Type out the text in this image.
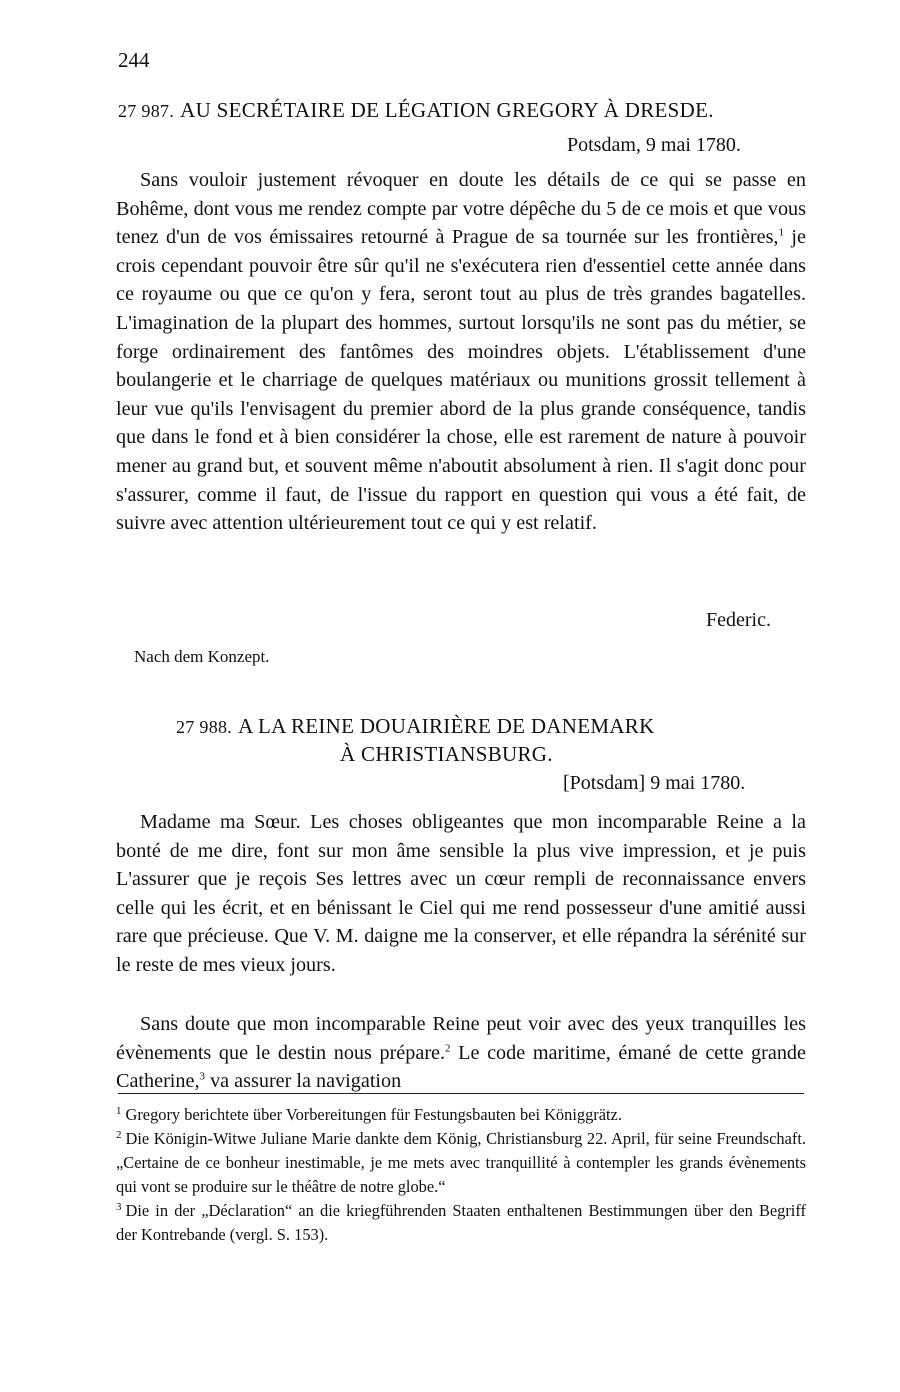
244
27 987. AU SECRÉTAIRE DE LÉGATION GREGORY À DRESDE.
Potsdam, 9 mai 1780.

Sans vouloir justement révoquer en doute les détails de ce qui se passe en Bohême, dont vous me rendez compte par votre dépêche du 5 de ce mois et que vous tenez d'un de vos émissaires retourné à Prague de sa tournée sur les frontières,$^1$ je crois cependant pouvoir être sûr qu'il ne s'exécutera rien d'essentiel cette année dans ce royaume ou que ce qu'on y fera, seront tout au plus de très grandes bagatelles. L'imagination de la plupart des hommes, surtout lorsqu'ils ne sont pas du métier, se forge ordinairement des fantômes des moindres objets. L'établissement d'une boulangerie et le charriage de quelques matériaux ou munitions grossit tellement à leur vue qu'ils l'envisagent du premier abord de la plus grande conséquence, tandis que dans le fond et à bien considérer la chose, elle est rarement de nature à pouvoir mener au grand but, et souvent même n'aboutit absolument à rien. Il s'agit donc pour s'assurer, comme il faut, de l'issue du rapport en question qui vous a été fait, de suivre avec attention ultérieurement tout ce qui y est relatif.

Federic.
Nach dem Konzept.
27 988. A LA REINE DOUAIRIÈRE DE DANEMARK
À CHRISTIANSBURG.
[Potsdam] 9 mai 1780.

Madame ma Sœur. Les choses obligeantes que mon incomparable Reine a la bonté de me dire, font sur mon âme sensible la plus vive impression, et je puis L'assurer que je reçois Ses lettres avec un cœur rempli de reconnaissance envers celle qui les écrit, et en bénissant le Ciel qui me rend possesseur d'une amitié aussi rare que précieuse. Que V. M. daigne me la conserver, et elle répandra la sérénité sur le reste de mes vieux jours.

Sans doute que mon incomparable Reine peut voir avec des yeux tranquilles les évènements que le destin nous prépare.$^2$ Le code maritime, émané de cette grande Catherine,$^3$ va assurer la navigation

$^1$ Gregory berichtete über Vorbereitungen für Festungsbauten bei Königgrätz.

$^2$ Die Königin-Witwe Juliane Marie dankte dem König, Christiansburg 22. April, für seine Freundschaft. „Certaine de ce bonheur inestimable, je me mets avec tranquillité à contempler les grands évènements qui vont se produire sur le théâtre de notre globe.“

$^3$ Die in der „Déclaration“ an die kriegführenden Staaten enthaltenen Bestimmungen über den Begriff der Kontrebande (vergl. S. 153).
